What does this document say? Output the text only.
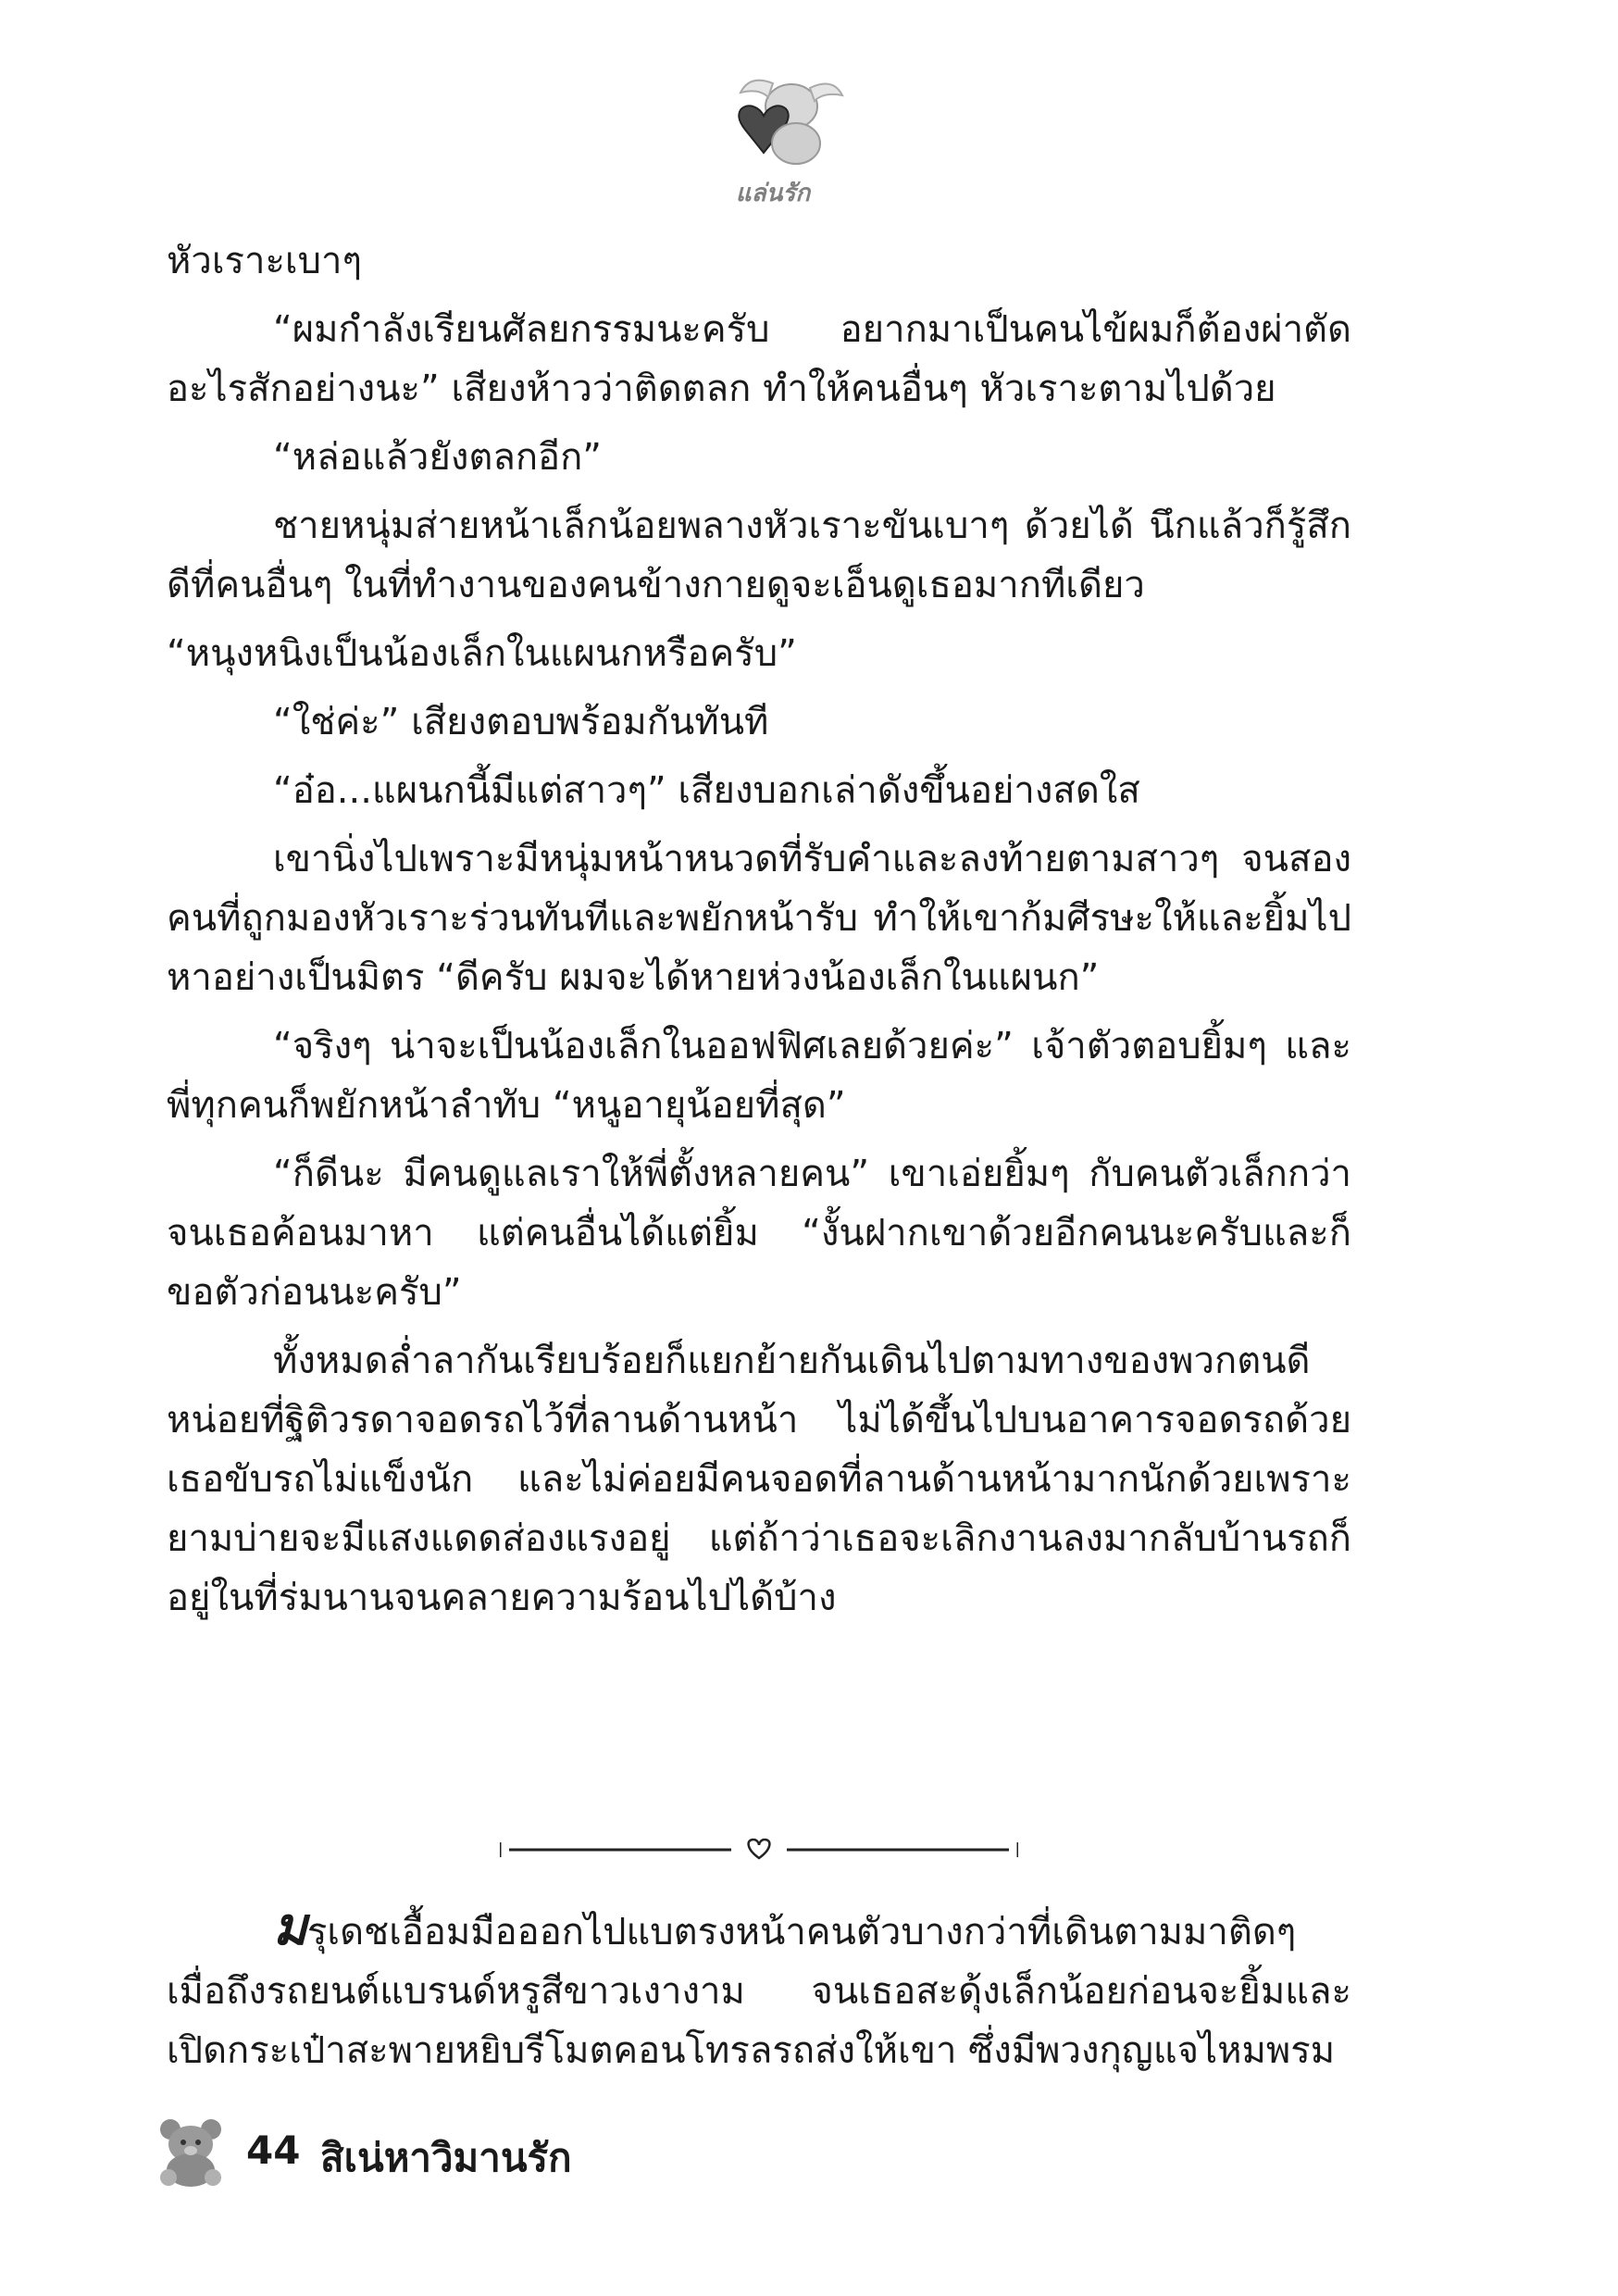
แล่นรัก

หัวเราะเบาๆ

“ผมกำลังเรียนศัลยกรรมนะครับ อยากมาเป็นคนไข้ผมก็ต้องผ่าตัดอะไรสักอย่างนะ” เสียงห้าวว่าติดตลก ทำให้คนอื่นๆ หัวเราะตามไปด้วย

“หล่อแล้วยังตลกอีก”

ชายหนุ่มส่ายหน้าเล็กน้อยพลางหัวเราะขันเบาๆ ด้วยได้ นึกแล้วก็รู้สึกดีที่คนอื่นๆ ในที่ทำงานของคนข้างกายดูจะเอ็นดูเธอมากทีเดียว

“หนุงหนิงเป็นน้องเล็กในแผนกหรือครับ”

“ใช่ค่ะ” เสียงตอบพร้อมกันทันที

“อ๋อ...แผนกนี้มีแต่สาวๆ” เสียงบอกเล่าดังขึ้นอย่างสดใส

เขานิ่งไปเพราะมีหนุ่มหน้าหนวดที่รับคำและลงท้ายตามสาวๆ จนสองคนที่ถูกมองหัวเราะร่วนทันทีและพยักหน้ารับ ทำให้เขาก้มศีรษะให้และยิ้มไปหาอย่างเป็นมิตร “ดีครับ ผมจะได้หายห่วงน้องเล็กในแผนก”

“จริงๆ น่าจะเป็นน้องเล็กในออฟฟิศเลยด้วยค่ะ” เจ้าตัวตอบยิ้มๆ และพี่ทุกคนก็พยักหน้าลำทับ “หนูอายุน้อยที่สุด”

“ก็ดีนะ มีคนดูแลเราให้พี่ตั้งหลายคน” เขาเอ่ยยิ้มๆ กับคนตัวเล็กกว่าจนเธอค้อนมาหา แต่คนอื่นได้แต่ยิ้ม “งั้นฝากเขาด้วยอีกคนนะครับและก็ขอตัวก่อนนะครับ”

ทั้งหมดล่ำลากันเรียบร้อยก็แยกย้ายกันเดินไปตามทางของพวกตนดีหน่อยที่ฐิติวรดาจอดรถไว้ที่ลานด้านหน้า ไม่ได้ขึ้นไปบนอาคารจอดรถด้วยเธอขับรถไม่แข็งนัก และไม่ค่อยมีคนจอดที่ลานด้านหน้ามากนักด้วยเพราะยามบ่ายจะมีแสงแดดส่องแรงอยู่ แต่ถ้าว่าเธอจะเลิกงานลงมากลับบ้านรถก็อยู่ในที่ร่มนานจนคลายความร้อนไปได้บ้าง

มรุเดชเอื้อมมือออกไปแบตรงหน้าคนตัวบางกว่าที่เดินตามมาติดๆ เมื่อถึงรถยนต์แบรนด์หรูสีขาวเงางาม จนเธอสะดุ้งเล็กน้อยก่อนจะยิ้มและเปิดกระเป๋าสะพายหยิบรีโมตคอนโทรลรถส่งให้เขา ซึ่งมีพวงกุญแจไหมพรม

44 สิเน่หาวิมานรัก
